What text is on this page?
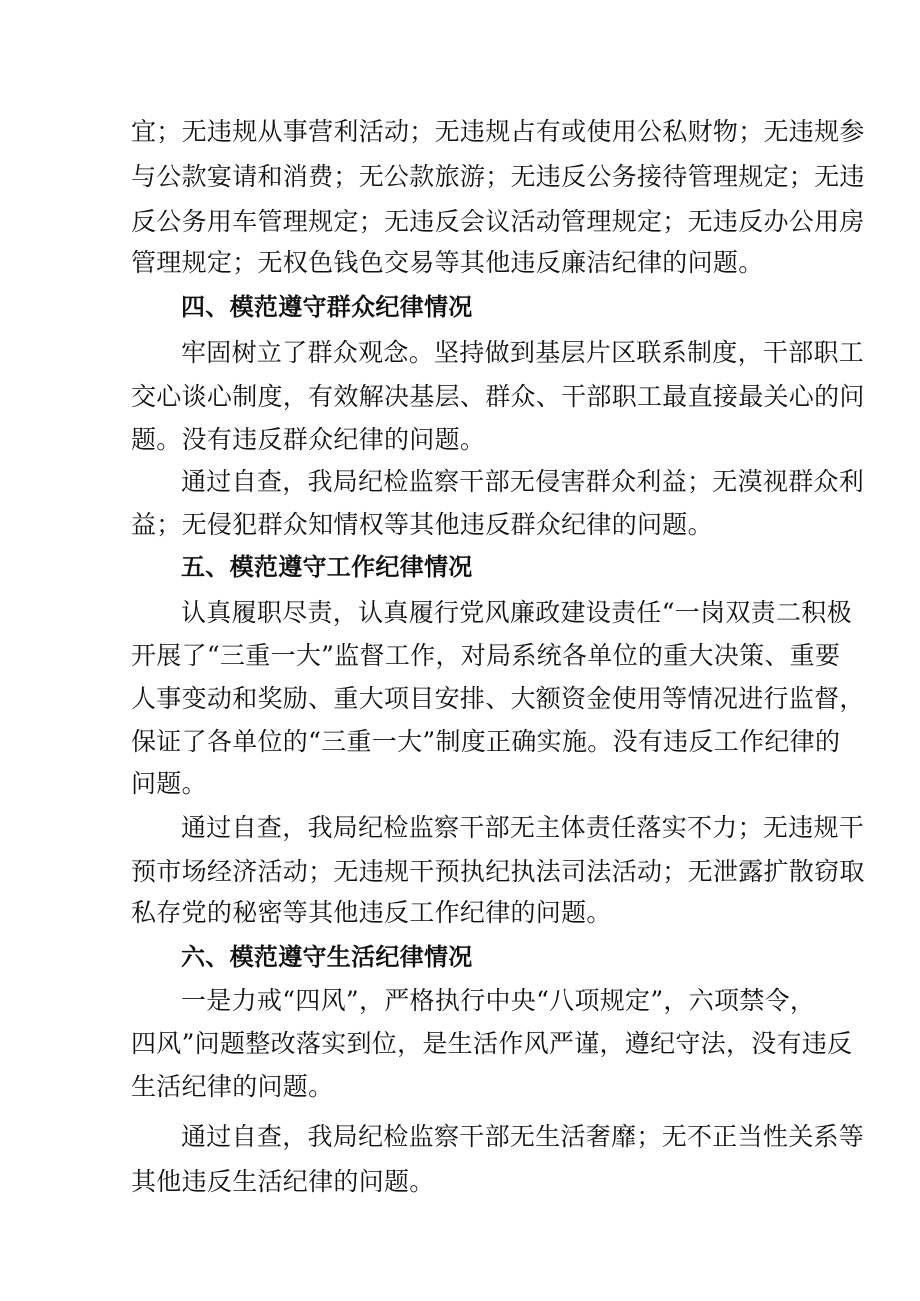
宜；无违规从事营利活动；无违规占有或使用公私财物；无违规参
与公款宴请和消费；无公款旅游；无违反公务接待管理规定；无违
反公务用车管理规定；无违反会议活动管理规定；无违反办公用房
管理规定；无权色钱色交易等其他违反廉洁纪律的问题。
四、模范遵守群众纪律情况
牢固树立了群众观念。坚持做到基层片区联系制度，干部职工
交心谈心制度，有效解决基层、群众、干部职工最直接最关心的问
题。没有违反群众纪律的问题。
通过自查，我局纪检监察干部无侵害群众利益；无漠视群众利
益；无侵犯群众知情权等其他违反群众纪律的问题。
五、模范遵守工作纪律情况
认真履职尽责，认真履行党风廉政建设责任“一岗双责二积极
开展了“三重一大”监督工作，对局系统各单位的重大决策、重要
人事变动和奖励、重大项目安排、大额资金使用等情况进行监督，
保证了各单位的“三重一大”制度正确实施。没有违反工作纪律的
问题。
通过自查，我局纪检监察干部无主体责任落实不力；无违规干
预市场经济活动；无违规干预执纪执法司法活动；无泄露扩散窃取
私存党的秘密等其他违反工作纪律的问题。
六、模范遵守生活纪律情况
一是力戒“四风”，严格执行中央“八项规定”，六项禁令，
四风”问题整改落实到位，是生活作风严谨，遵纪守法，没有违反
生活纪律的问题。
通过自查，我局纪检监察干部无生活奢靡；无不正当性关系等
其他违反生活纪律的问题。
